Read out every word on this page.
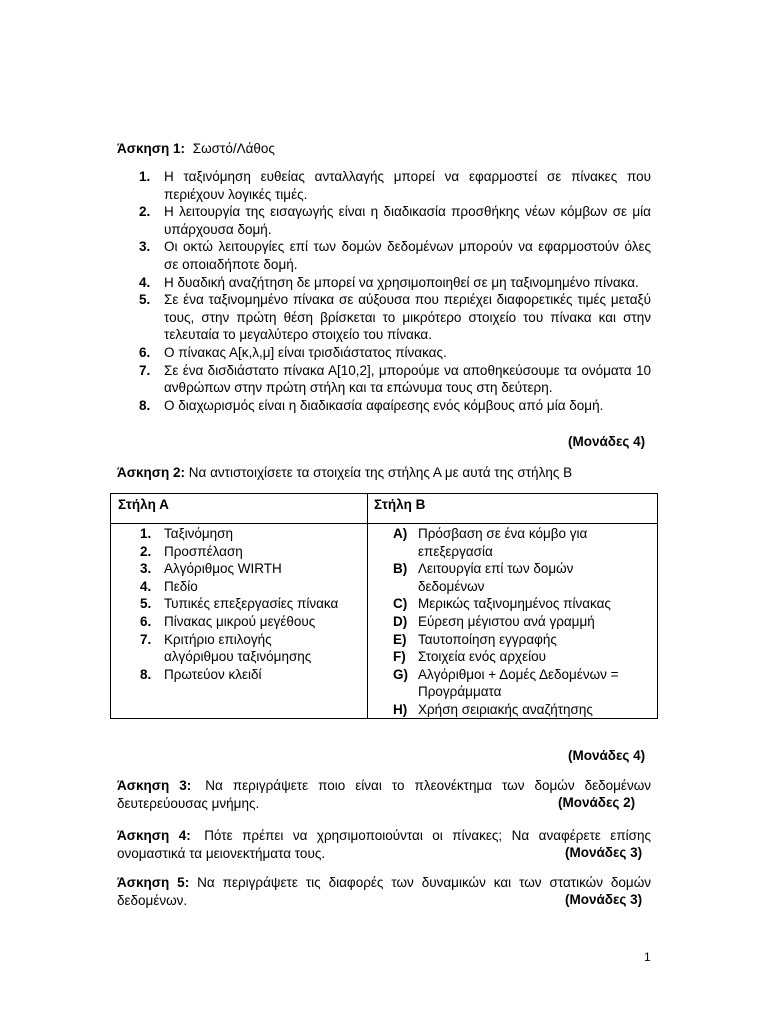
Άσκηση 1: Σωστό/Λάθος
1. Η ταξινόμηση ευθείας ανταλλαγής μπορεί να εφαρμοστεί σε πίνακες που περιέχουν λογικές τιμές.
2. Η λειτουργία της εισαγωγής είναι η διαδικασία προσθήκης νέων κόμβων σε μία υπάρχουσα δομή.
3. Οι οκτώ λειτουργίες επί των δομών δεδομένων μπορούν να εφαρμοστούν όλες σε οποιαδήποτε δομή.
4. Η δυαδική αναζήτηση δε μπορεί να χρησιμοποιηθεί σε μη ταξινομημένο πίνακα.
5. Σε ένα ταξινομημένο πίνακα σε αύξουσα που περιέχει διαφορετικές τιμές μεταξύ τους, στην πρώτη θέση βρίσκεται το μικρότερο στοιχείο του πίνακα και στην τελευταία το μεγαλύτερο στοιχείο του πίνακα.
6. Ο πίνακας Α[κ,λ,μ] είναι τρισδιάστατος πίνακας.
7. Σε ένα δισδιάστατο πίνακα Α[10,2], μπορούμε να αποθηκεύσουμε τα ονόματα 10 ανθρώπων στην πρώτη στήλη και τα επώνυμα τους στη δεύτερη.
8. Ο διαχωρισμός είναι η διαδικασία αφαίρεσης ενός κόμβους από μία δομή.
(Μονάδες 4)
Άσκηση 2: Να αντιστοιχίσετε τα στοιχεία της στήλης Α με αυτά της στήλης Β
Στήλη Α	Στήλη Β
1. Ταξινόμηση
2. Προσπέλαση
3. Αλγόριθμος WIRTH
4. Πεδίο
5. Τυπικές επεξεργασίες πίνακα
6. Πίνακας μικρού μεγέθους
7. Κριτήριο επιλογής αλγόριθμου ταξινόμησης
8. Πρωτεύον κλειδί
A) Πρόσβαση σε ένα κόμβο για επεξεργασία
B) Λειτουργία επί των δομών δεδομένων
C) Μερικώς ταξινομημένος πίνακας
D) Εύρεση μέγιστου ανά γραμμή
E) Ταυτοποίηση εγγραφής
F) Στοιχεία ενός αρχείου
G) Αλγόριθμοι + Δομές Δεδομένων = Προγράμματα
H) Χρήση σειριακής αναζήτησης
(Μονάδες 4)
Άσκηση 3: Να περιγράψετε ποιο είναι το πλεονέκτημα των δομών δεδομένων δευτερεύουσας μνήμης.	(Μονάδες 2)
Άσκηση 4: Πότε πρέπει να χρησιμοποιούνται οι πίνακες; Να αναφέρετε επίσης ονομαστικά τα μειονεκτήματα τους.	(Μονάδες 3)
Άσκηση 5: Να περιγράψετε τις διαφορές των δυναμικών και των στατικών δομών δεδομένων.	(Μονάδες 3)
1
